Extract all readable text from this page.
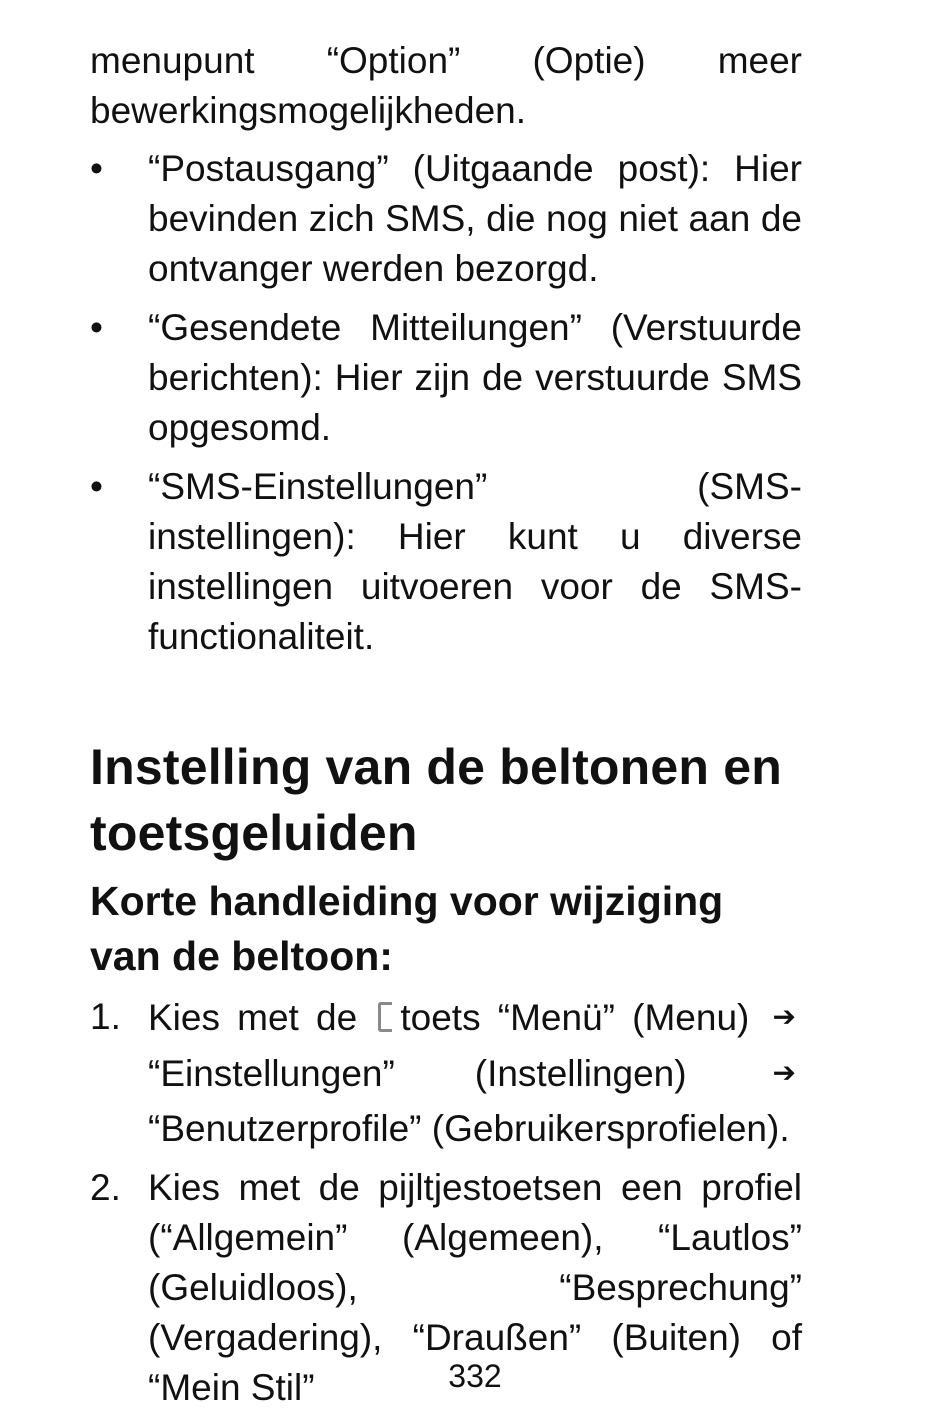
menupunt “Option” (Optie) meer bewerkingsmogelijkheden.

• “Postausgang” (Uitgaande post): Hier bevinden zich SMS, die nog niet aan de ontvanger werden bezorgd.
• “Gesendete Mitteilungen” (Verstuurde berichten): Hier zijn de verstuurde SMS opgesomd.
• “SMS-Einstellungen” (SMS-instellingen): Hier kunt u diverse instellingen uitvoeren voor de SMS-functionaliteit.
Instelling van de beltonen en toetsgeluiden
Korte handleiding voor wijziging van de beltoon:
1. Kies met de toets “Menü” (Menu) ➔ “Einstellungen” (Instellingen)	➔ “Benutzerprofile” (Gebruikersprofielen).
2. Kies met de pijltjestoetsen een profiel (“Allgemein” (Algemeen), “Lautlos” (Geluidloos), “Besprechung” (Vergadering), “Draußen” (Buiten) of “Mein Stil”	332
